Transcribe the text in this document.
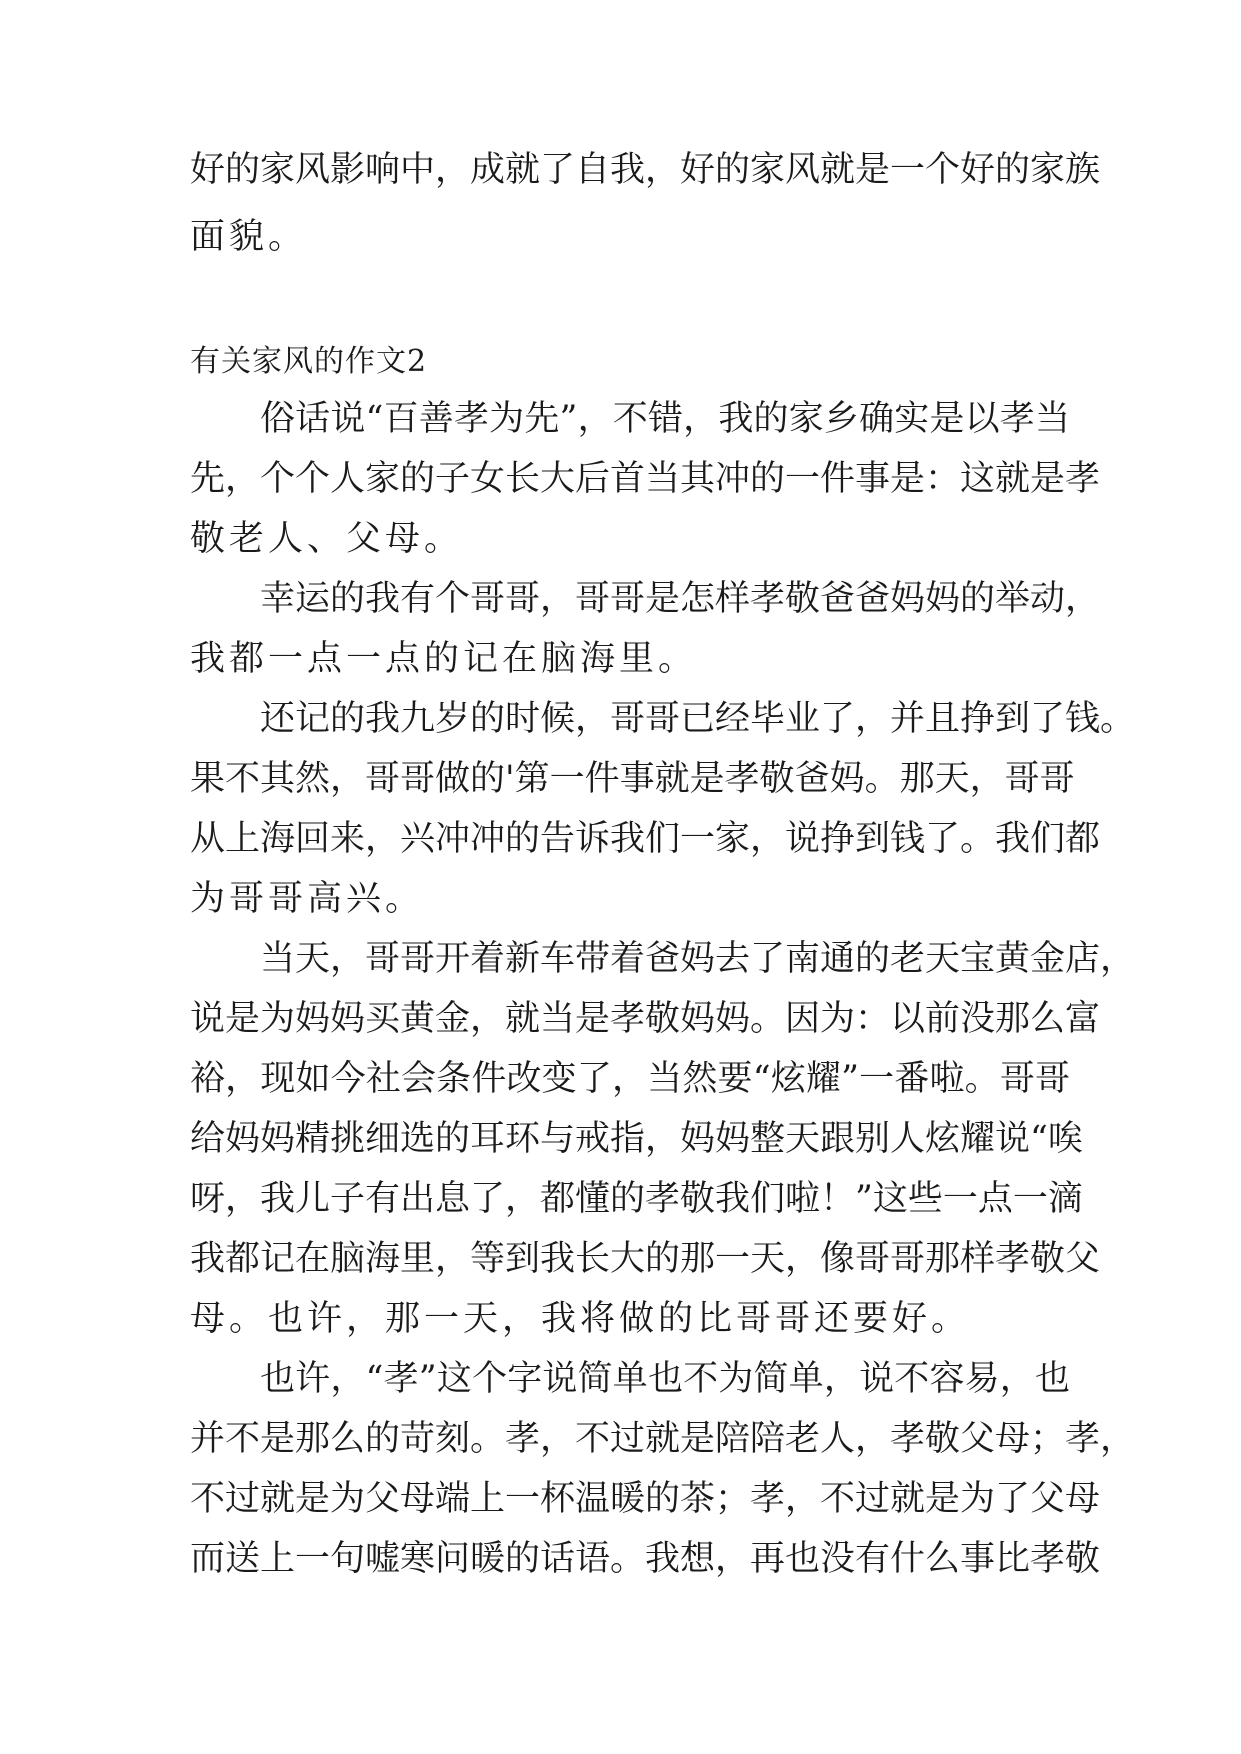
好的家风影响中，成就了自我，好的家风就是一个好的家族
面貌。
有关家风的作文2
俗话说“百善孝为先”，不错，我的家乡确实是以孝当
先，个个人家的子女长大后首当其冲的一件事是：这就是孝
敬老人、父母。
幸运的我有个哥哥，哥哥是怎样孝敬爸爸妈妈的举动，
我都一点一点的记在脑海里。
还记的我九岁的时候，哥哥已经毕业了，并且挣到了钱。
果不其然，哥哥做的'第一件事就是孝敬爸妈。那天，哥哥
从上海回来，兴冲冲的告诉我们一家，说挣到钱了。我们都
为哥哥高兴。
当天，哥哥开着新车带着爸妈去了南通的老天宝黄金店，
说是为妈妈买黄金，就当是孝敬妈妈。因为：以前没那么富
裕，现如今社会条件改变了，当然要“炫耀”一番啦。哥哥
给妈妈精挑细选的耳环与戒指，妈妈整天跟别人炫耀说“唉
呀，我儿子有出息了，都懂的孝敬我们啦！”这些一点一滴
我都记在脑海里，等到我长大的那一天，像哥哥那样孝敬父
母。也许，那一天，我将做的比哥哥还要好。
也许，“孝”这个字说简单也不为简单，说不容易，也
并不是那么的苛刻。孝，不过就是陪陪老人，孝敬父母；孝，
不过就是为父母端上一杯温暖的茶；孝，不过就是为了父母
而送上一句嘘寒问暖的话语。我想，再也没有什么事比孝敬
